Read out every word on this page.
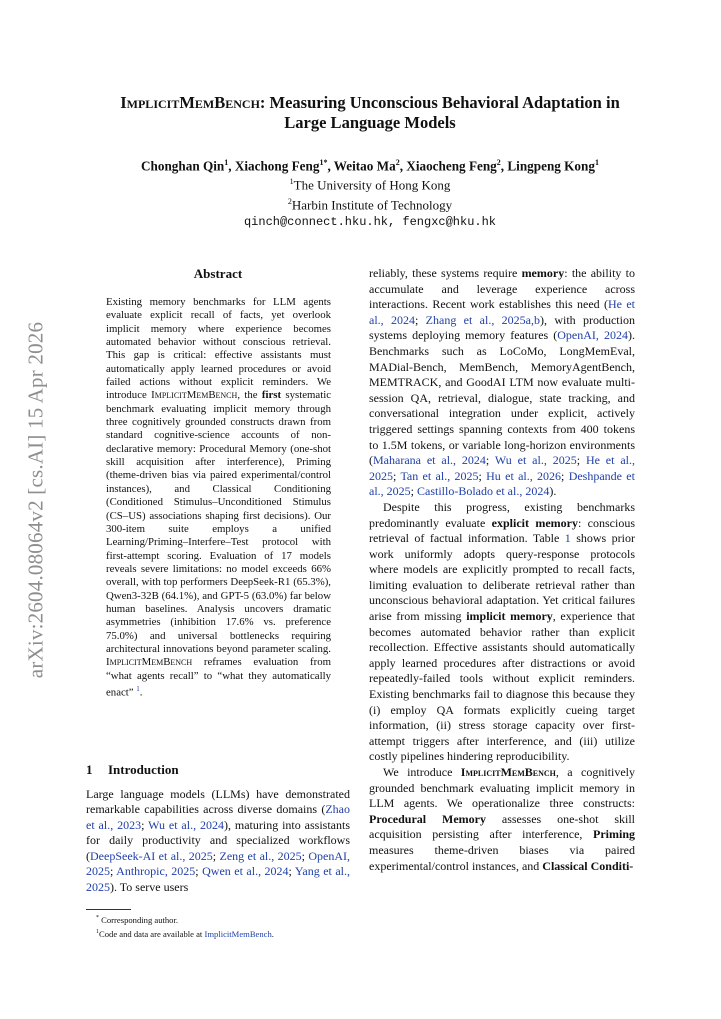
arXiv:2604.08064v2 [cs.AI] 15 Apr 2026
ImplicitMemBench: Measuring Unconscious Behavioral Adaptation in
Large Language Models
Chonghan Qin$^1$, Xiachong Feng$^{1*}$, Weitao Ma$^2$, Xiaocheng Feng$^2$, Lingpeng Kong$^1$
$^1$The University of Hong Kong
$^2$Harbin Institute of Technology
qinch@connect.hku.hk, fengxc@hku.hk
Abstract
Existing memory benchmarks for LLM agents evaluate explicit recall of facts, yet overlook implicit memory where experience becomes automated behavior without conscious retrieval. This gap is critical: effective assistants must automatically apply learned procedures or avoid failed actions without explicit reminders. We introduce ImplicitMemBench, the first systematic benchmark evaluating implicit memory through three cognitively grounded constructs drawn from standard cognitive-science accounts of non-declarative memory: Procedural Memory (one-shot skill acquisition after interference), Priming (theme-driven bias via paired experimental/control instances), and Classical Conditioning (Conditioned Stimulus–Unconditioned Stimulus (CS–US) associations shaping first decisions). Our 300-item suite employs a unified Learning/Priming–Interfere–Test protocol with first-attempt scoring. Evaluation of 17 models reveals severe limitations: no model exceeds 66% overall, with top performers DeepSeek-R1 (65.3%), Qwen3-32B (64.1%), and GPT-5 (63.0%) far below human baselines. Analysis uncovers dramatic asymmetries (inhibition 17.6% vs. preference 75.0%) and universal bottlenecks requiring architectural innovations beyond parameter scaling. ImplicitMemBench reframes evaluation from “what agents recall” to “what they automatically enact” $^1$.
1 Introduction
Large language models (LLMs) have demonstrated remarkable capabilities across diverse domains (Zhao et al., 2023; Wu et al., 2024), maturing into assistants for daily productivity and specialized workflows (DeepSeek-AI et al., 2025; Zeng et al., 2025; OpenAI, 2025; Anthropic, 2025; Qwen et al., 2024; Yang et al., 2025). To serve users
* Corresponding author.
$^1$Code and data are available at ImplicitMemBench.

reliably, these systems require memory: the ability to accumulate and leverage experience across interactions. Recent work establishes this need (He et al., 2024; Zhang et al., 2025a,b), with production systems deploying memory features (OpenAI, 2024). Benchmarks such as LoCoMo, LongMemEval, MADial-Bench, MemBench, MemoryAgentBench, MEMTRACK, and GoodAI LTM now evaluate multi-session QA, retrieval, dialogue, state tracking, and conversational integration under explicit, actively triggered settings spanning contexts from 400 tokens to 1.5M tokens, or variable long-horizon environments (Maharana et al., 2024; Wu et al., 2025; He et al., 2025; Tan et al., 2025; Hu et al., 2026; Deshpande et al., 2025; Castillo-Bolado et al., 2024).

Despite this progress, existing benchmarks predominantly evaluate explicit memory: conscious retrieval of factual information. Table 1 shows prior work uniformly adopts query-response protocols where models are explicitly prompted to recall facts, limiting evaluation to deliberate retrieval rather than unconscious behavioral adaptation. Yet critical failures arise from missing implicit memory, experience that becomes automated behavior rather than explicit recollection. Effective assistants should automatically apply learned procedures after distractions or avoid repeatedly-failed tools without explicit reminders. Existing benchmarks fail to diagnose this because they (i) employ QA formats explicitly cueing target information, (ii) stress storage capacity over first-attempt triggers after interference, and (iii) utilize costly pipelines hindering reproducibility.

We introduce ImplicitMemBench, a cognitively grounded benchmark evaluating implicit memory in LLM agents. We operationalize three constructs: Procedural Memory assesses one-shot skill acquisition persisting after interference, Priming measures theme-driven biases via paired experimental/control instances, and Classical Conditi-
